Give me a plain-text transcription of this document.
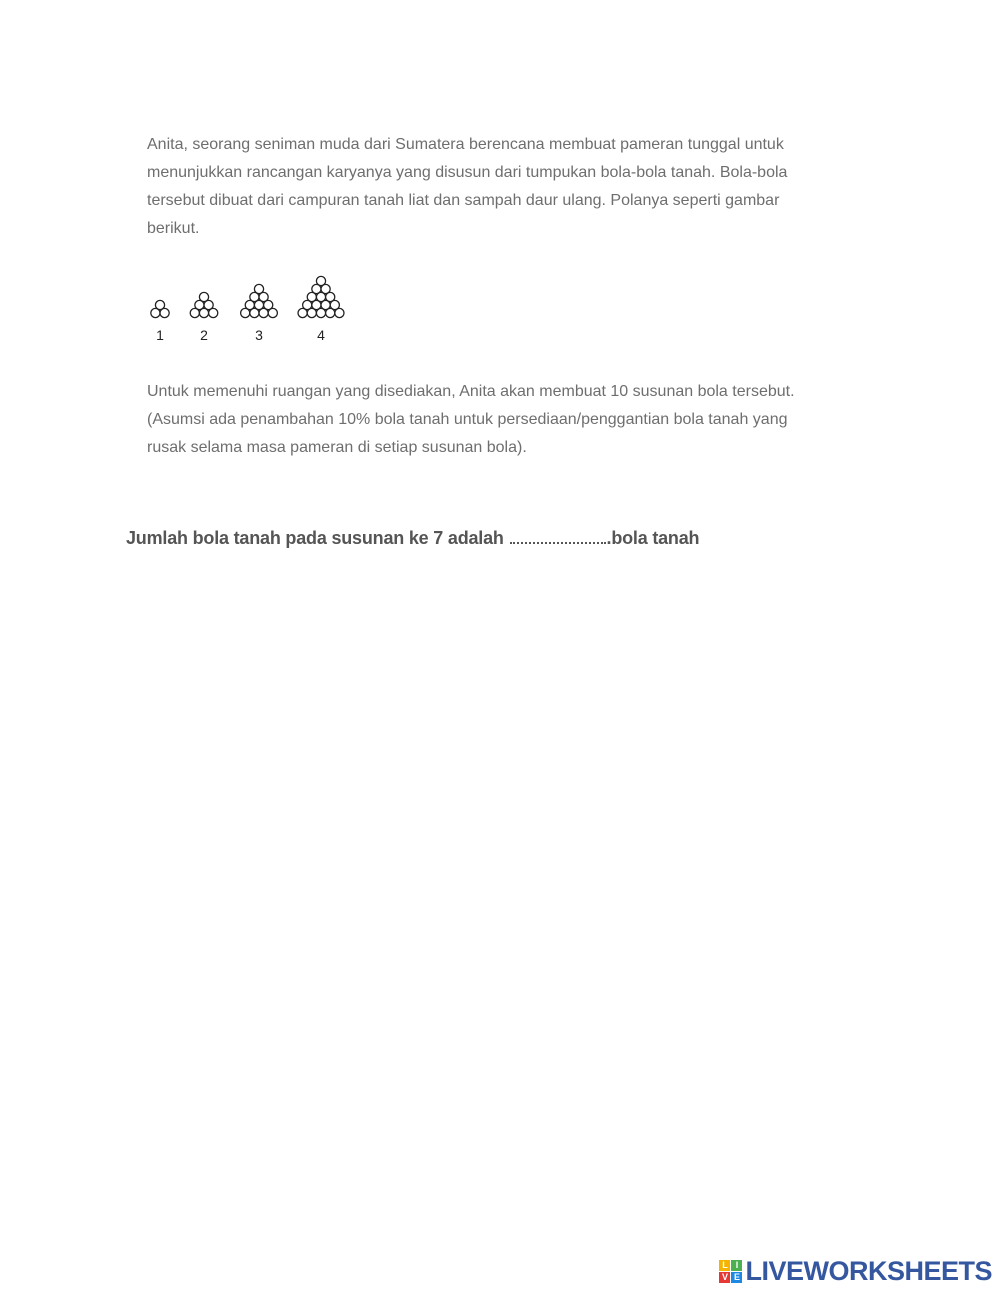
Anita, seorang seniman muda dari Sumatera berencana membuat pameran tunggal untuk
menunjukkan rancangan karyanya yang disusun dari tumpukan bola-bola tanah. Bola-bola
tersebut dibuat dari campuran tanah liat dan sampah daur ulang. Polanya seperti gambar
berikut.

1	2	3	4

Untuk memenuhi ruangan yang disediakan, Anita akan membuat 10 susunan bola tersebut.
(Asumsi ada penambahan 10% bola tanah untuk persediaan/penggantian bola tanah yang
rusak selama masa pameran di setiap susunan bola).

Jumlah bola tanah pada susunan ke 7 adalah	.bola tanah

L I
V E LIVEWORKSHEETS
